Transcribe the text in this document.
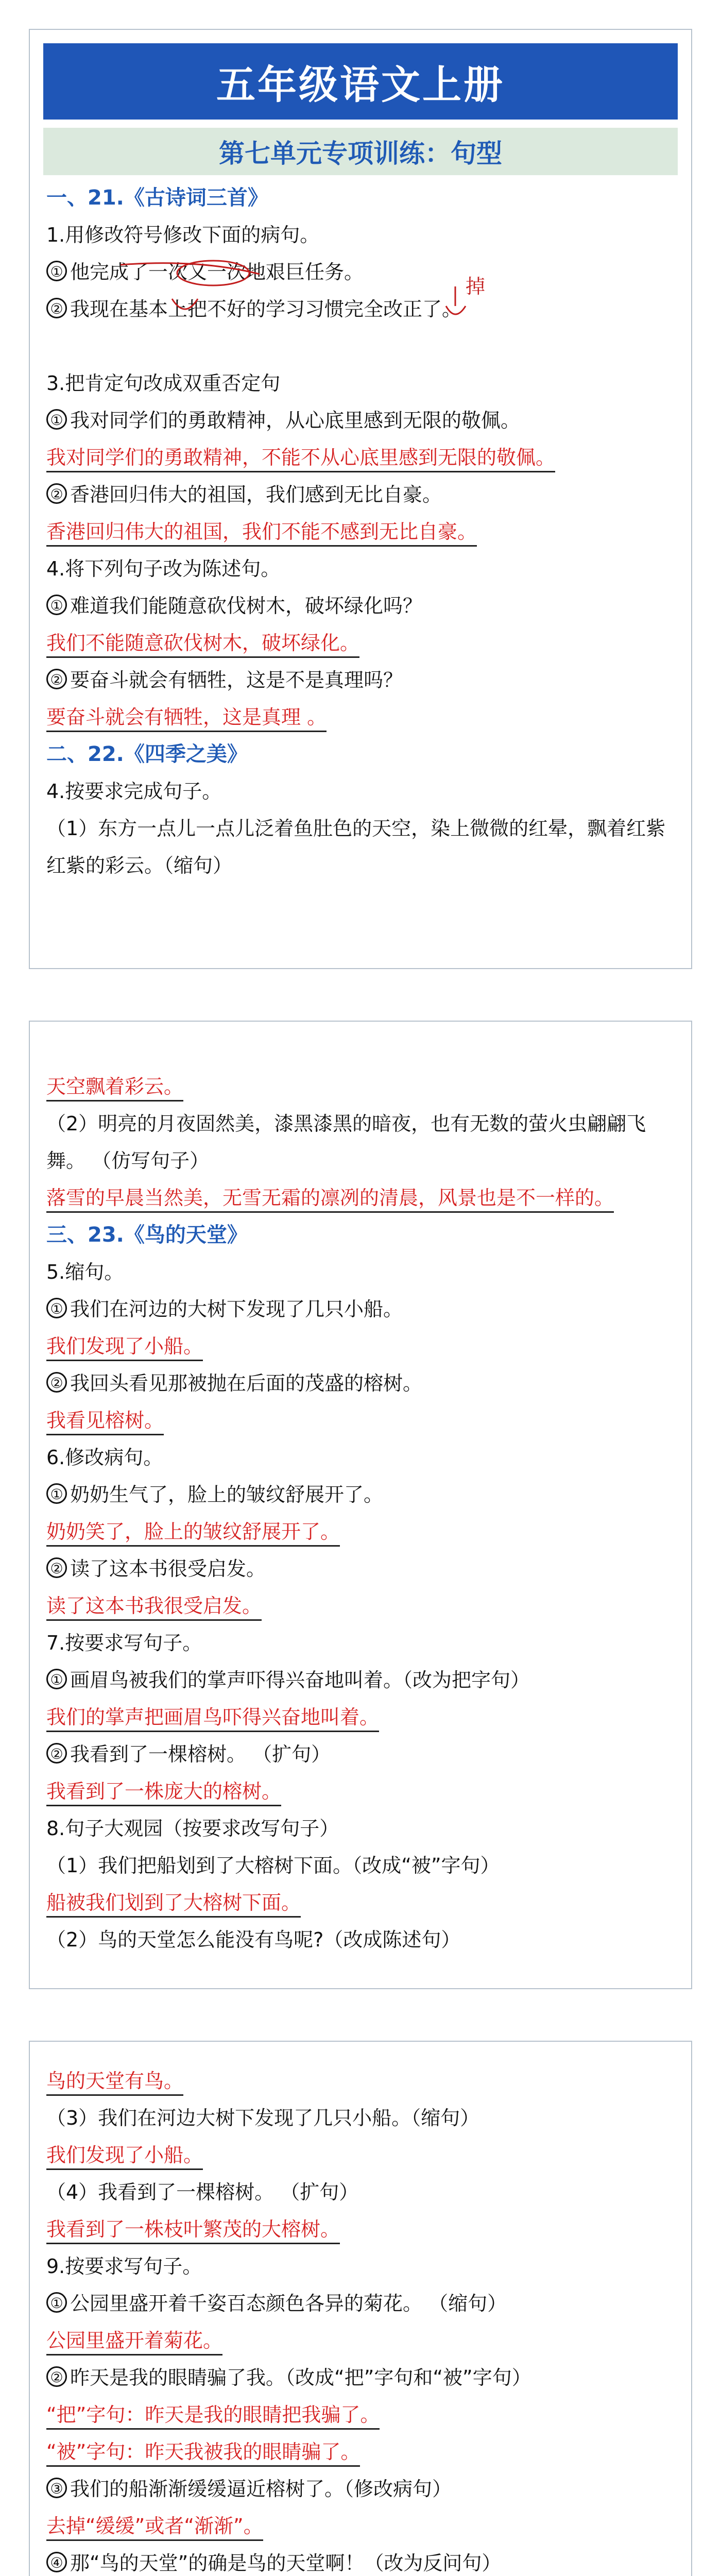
五年级语文上册
第七单元专项训练：句型
一、21.《古诗词三首》
1.用修改符号修改下面的病句。
① 他完成了一次又一次地艰巨任务。
② 我现在基本上把不好的学习习惯完全改正了。
掉
3.把肯定句改成双重否定句
① 我对同学们的勇敢精神，从心底里感到无限的敬佩。
我对同学们的勇敢精神，不能不从心底里感到无限的敬佩。
② 香港回归伟大的祖国，我们感到无比自豪。
香港回归伟大的祖国，我们不能不感到无比自豪。
4.将下列句子改为陈述句。
① 难道我们能随意砍伐树木，破坏绿化吗？
我们不能随意砍伐树木，破坏绿化。
② 要奋斗就会有牺牲，这是不是真理吗？
要奋斗就会有牺牲，这是真理 。
二、22.《四季之美》
4.按要求完成句子。
（1）东方一点儿一点儿泛着鱼肚色的天空，染上微微的红晕，飘着红紫红紫的彩云。（缩句）
天空飘着彩云。
（2）明亮的月夜固然美，漆黑漆黑的暗夜，也有无数的萤火虫翩翩飞舞。 （仿写句子）
落雪的早晨当然美，无雪无霜的凛冽的清晨，风景也是不一样的。
三、23.《鸟的天堂》
5.缩句。
① 我们在河边的大树下发现了几只小船。
我们发现了小船。
② 我回头看见那被抛在后面的茂盛的榕树。
我看见榕树。
6.修改病句。
① 奶奶生气了，脸上的皱纹舒展开了。
奶奶笑了，脸上的皱纹舒展开了。
② 读了这本书很受启发。
读了这本书我很受启发。
7.按要求写句子。
① 画眉鸟被我们的掌声吓得兴奋地叫着。（改为把字句）
我们的掌声把画眉鸟吓得兴奋地叫着。
② 我看到了一棵榕树。 （扩句）
我看到了一株庞大的榕树。
8.句子大观园（按要求改写句子）
（1）我们把船划到了大榕树下面。（改成“被”字句）
船被我们划到了大榕树下面。
（2）鸟的天堂怎么能没有鸟呢?（改成陈述句）
鸟的天堂有鸟。
（3）我们在河边大树下发现了几只小船。（缩句）
我们发现了小船。
（4）我看到了一棵榕树。 （扩句）
我看到了一株枝叶繁茂的大榕树。
9.按要求写句子。
① 公园里盛开着千姿百态颜色各异的菊花。 （缩句）
公园里盛开着菊花。
② 昨天是我的眼睛骗了我。（改成“把”字句和“被”字句）
“把”字句：昨天是我的眼睛把我骗了。
“被”字句：昨天我被我的眼睛骗了。
③ 我们的船渐渐缓缓逼近榕树了。（修改病句）
去掉“缓缓”或者“渐渐”。
④ 那“鸟的天堂”的确是鸟的天堂啊！（改为反问句）
